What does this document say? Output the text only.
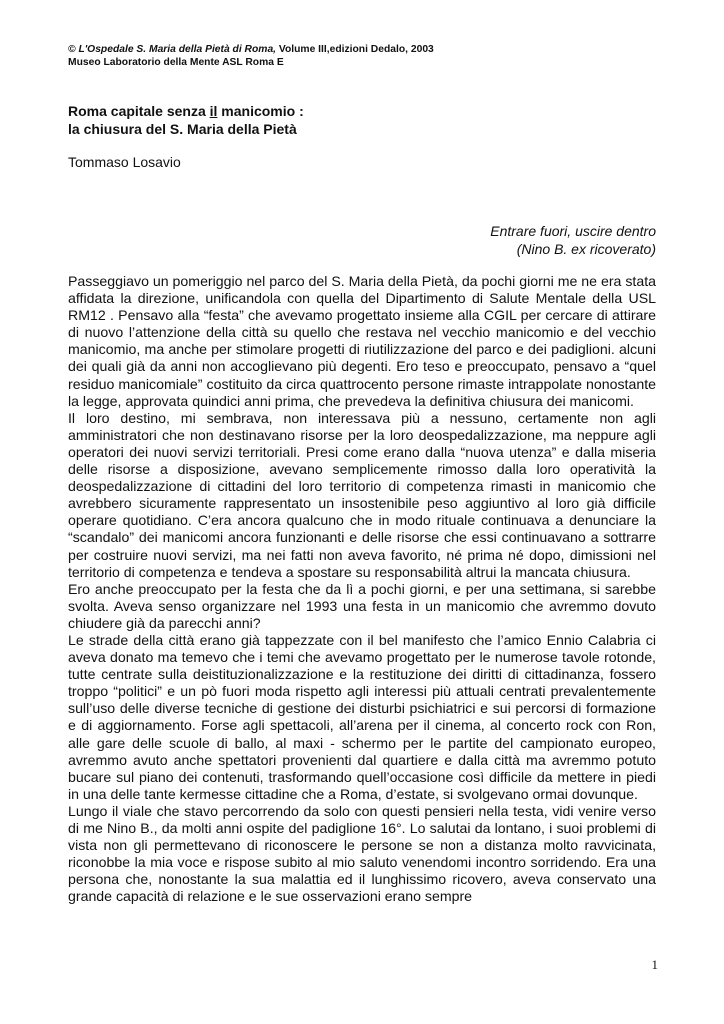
© L'Ospedale S. Maria della Pietà di Roma, Volume III,edizioni Dedalo, 2003
Museo Laboratorio della Mente ASL Roma E
Roma capitale senza il manicomio :
la chiusura del S. Maria della Pietà
Tommaso Losavio
Entrare fuori, uscire dentro
(Nino B. ex ricoverato)

Passeggiavo un pomeriggio nel parco del S. Maria della Pietà, da pochi giorni me ne era stata affidata la direzione, unificandola con quella del Dipartimento di Salute Mentale della USL RM12 . Pensavo alla “festa” che avevamo progettato insieme alla CGIL per cercare di attirare di nuovo l’attenzione della città su quello che restava nel vecchio manicomio e del vecchio manicomio, ma anche per stimolare progetti di riutilizzazione del parco e dei padiglioni. alcuni dei quali già da anni non accoglievano più degenti. Ero teso e preoccupato, pensavo a “quel residuo manicomiale” costituito da circa quattrocento persone rimaste intrappolate nonostante la legge, approvata quindici anni prima, che prevedeva la definitiva chiusura dei manicomi.

Il loro destino, mi sembrava, non interessava più a nessuno, certamente non agli amministratori che non destinavano risorse per la loro deospedalizzazione, ma neppure agli operatori dei nuovi servizi territoriali. Presi come erano dalla “nuova utenza” e dalla miseria delle risorse a disposizione, avevano semplicemente rimosso dalla loro operatività la deospedalizzazione di cittadini del loro territorio di competenza rimasti in manicomio che avrebbero sicuramente rappresentato un insostenibile peso aggiuntivo al loro già difficile operare quotidiano. C’era ancora qualcuno che in modo rituale continuava a denunciare la “scandalo” dei manicomi ancora funzionanti e delle risorse che essi continuavano a sottrarre per costruire nuovi servizi, ma nei fatti non aveva favorito, né prima né dopo, dimissioni nel territorio di competenza e tendeva a spostare su responsabilità altrui la mancata chiusura.

Ero anche preoccupato per la festa che da lì a pochi giorni, e per una settimana, si sarebbe svolta. Aveva senso organizzare nel 1993 una festa in un manicomio che avremmo dovuto chiudere già da parecchi anni?

Le strade della città erano già tappezzate con il bel manifesto che l’amico Ennio Calabria ci aveva donato ma temevo che i temi che avevamo progettato per le numerose tavole rotonde, tutte centrate sulla deistituzionalizzazione e la restituzione dei diritti di cittadinanza, fossero troppo “politici” e un pò fuori moda rispetto agli interessi più attuali centrati prevalentemente sull’uso delle diverse tecniche di gestione dei disturbi psichiatrici e sui percorsi di formazione e di aggiornamento. Forse agli spettacoli, all’arena per il cinema, al concerto rock con Ron, alle gare delle scuole di ballo, al maxi - schermo per le partite del campionato europeo, avremmo avuto anche spettatori provenienti dal quartiere e dalla città ma avremmo potuto bucare sul piano dei contenuti, trasformando quell’occasione così difficile da mettere in piedi in una delle tante kermesse cittadine che a Roma, d’estate, si svolgevano ormai dovunque.

Lungo il viale che stavo percorrendo da solo con questi pensieri nella testa, vidi venire verso di me Nino B., da molti anni ospite del padiglione 16°. Lo salutai da lontano, i suoi problemi di vista non gli permettevano di riconoscere le persone se non a distanza molto ravvicinata, riconobbe la mia voce e rispose subito al mio saluto venendomi incontro sorridendo. Era una persona che, nonostante la sua malattia ed il lunghissimo ricovero, aveva conservato una grande capacità di relazione e le sue osservazioni erano sempre

1
